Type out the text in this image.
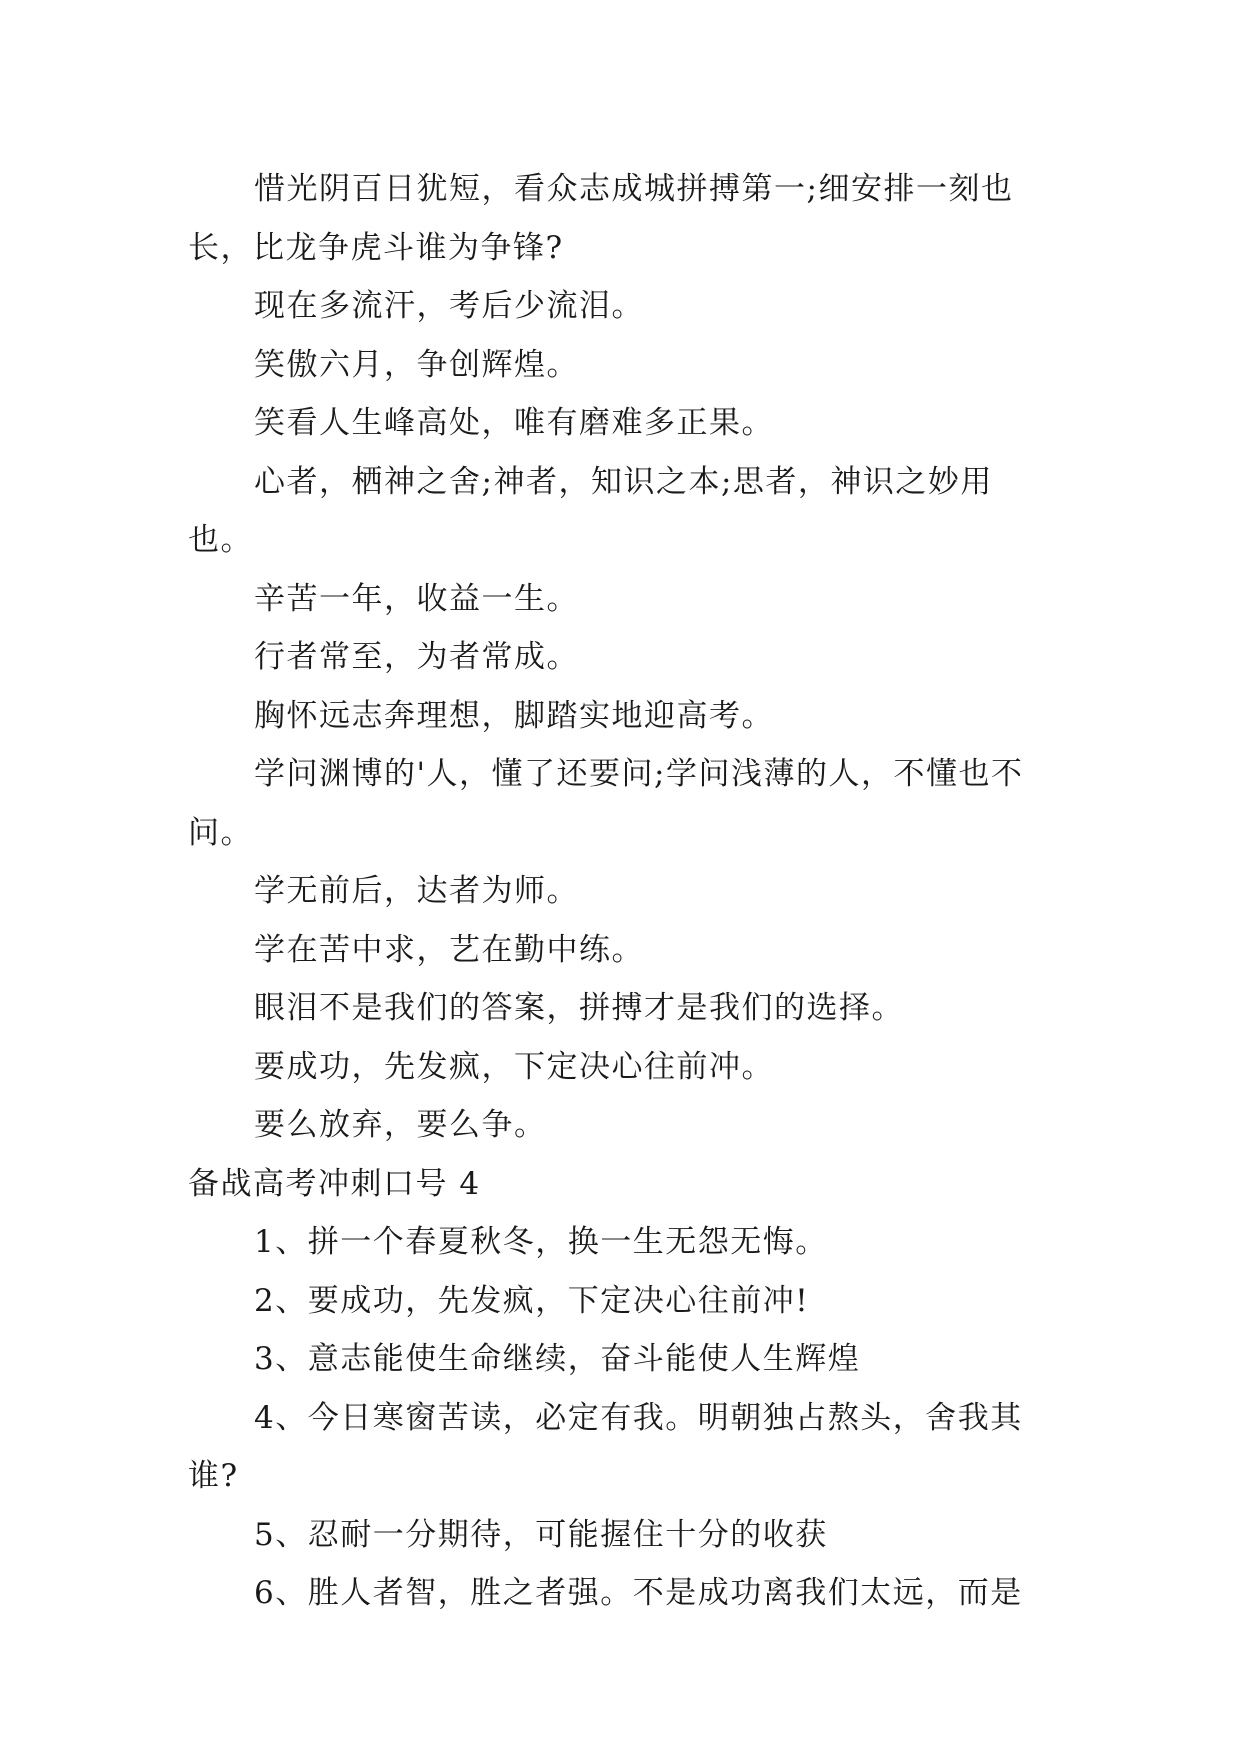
惜光阴百日犹短，看众志成城拼搏第一;细安排一刻也长，比龙争虎斗谁为争锋?

现在多流汗，考后少流泪。

笑傲六月，争创辉煌。

笑看人生峰高处，唯有磨难多正果。

心者，栖神之舍;神者，知识之本;思者，神识之妙用也。

辛苦一年，收益一生。

行者常至，为者常成。

胸怀远志奔理想，脚踏实地迎高考。

学问渊博的'人，懂了还要问;学问浅薄的人，不懂也不问。

学无前后，达者为师。

学在苦中求，艺在勤中练。

眼泪不是我们的答案，拼搏才是我们的选择。

要成功，先发疯，下定决心往前冲。

要么放弃，要么争。

备战高考冲刺口号 4

1、拼一个春夏秋冬，换一生无怨无悔。

2、要成功，先发疯，下定决心往前冲!

3、意志能使生命继续，奋斗能使人生辉煌

4、今日寒窗苦读，必定有我。明朝独占熬头，舍我其谁?

5、忍耐一分期待，可能握住十分的收获

6、胜人者智，胜之者强。不是成功离我们太远，而是
